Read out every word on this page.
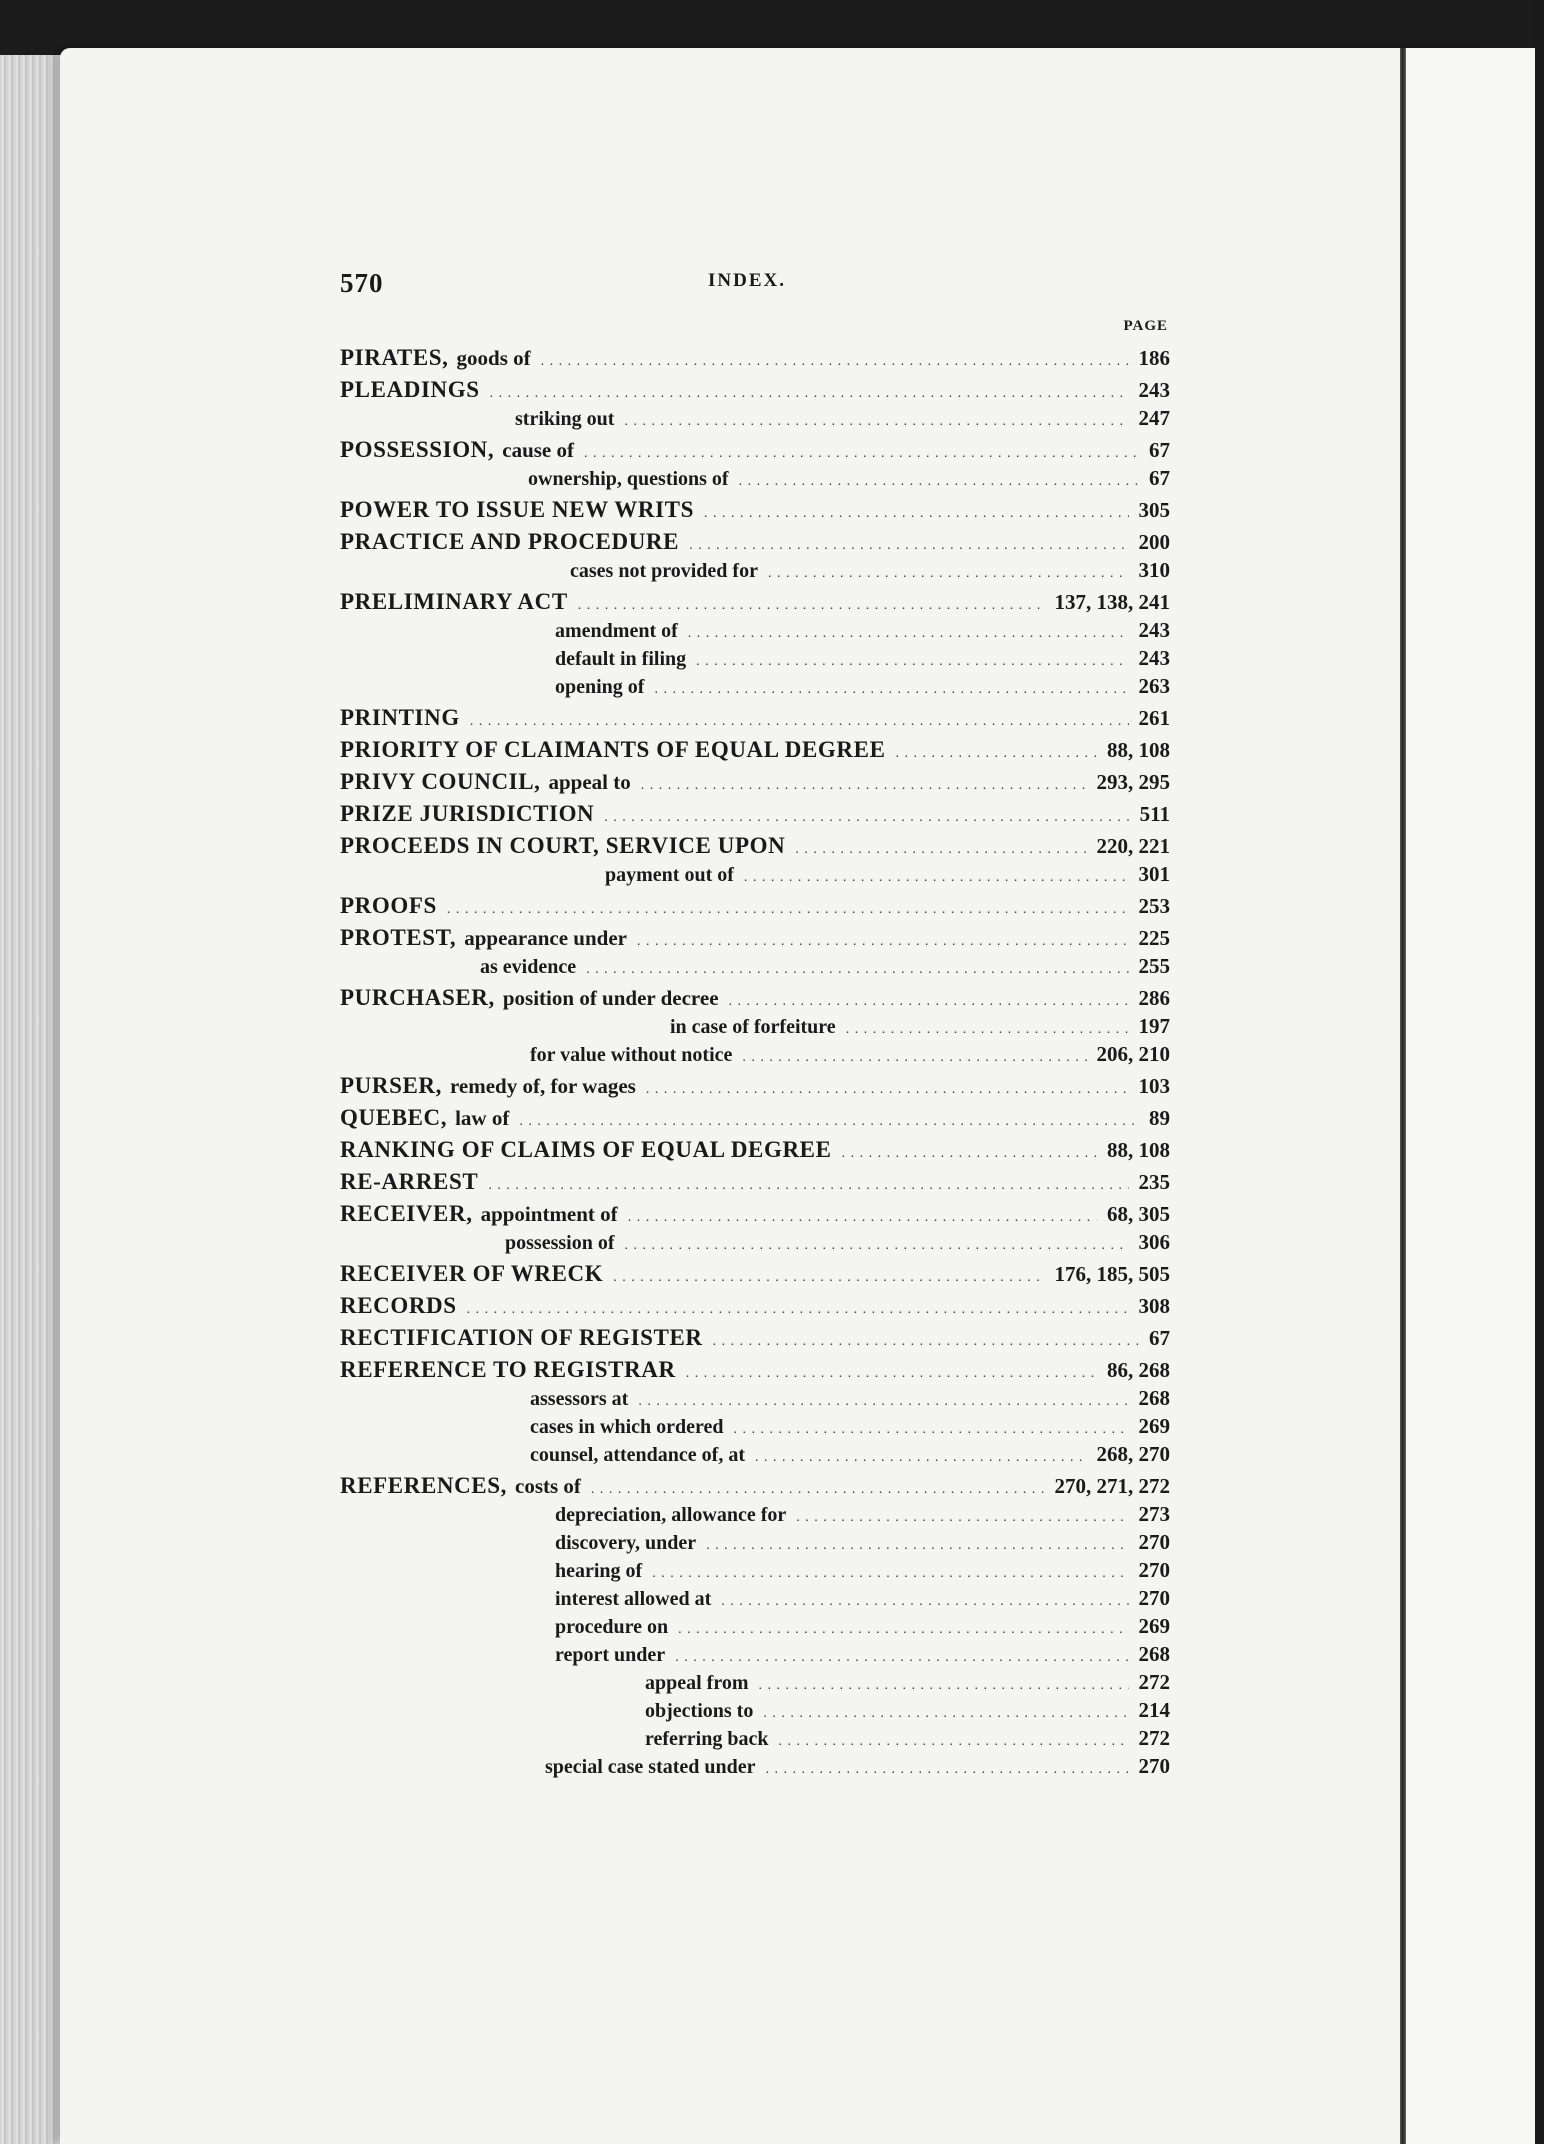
570	INDEX.
PAGE
PIRATES, goods of . . .	186
PLEADINGS . . .	243
striking out . . .	247
POSSESSION, cause of . . .	67
ownership, questions of . . .	67
POWER TO ISSUE NEW WRITS . . .	305
PRACTICE AND PROCEDURE . . .	200
cases not provided for . . .	310
PRELIMINARY ACT . . .	137, 138, 241
amendment of . . .	243
default in filing . . .	243
opening of . . .	263
PRINTING . . .	261
PRIORITY OF CLAIMANTS OF EQUAL DEGREE . . .	88, 108
PRIVY COUNCIL, appeal to . . .	293, 295
PRIZE JURISDICTION . . .	511
PROCEEDS IN COURT, SERVICE UPON . . .	220, 221
payment out of . . .	301
PROOFS . . .	253
PROTEST, appearance under . . .	225
as evidence . . .	255
PURCHASER, position of under decree . . .	286
in case of forfeiture . . .	197
for value without notice . . .	206, 210
PURSER, remedy of, for wages . . .	103
QUEBEC, law of . . .	89
RANKING OF CLAIMS OF EQUAL DEGREE . . .	88, 108
RE-ARREST . . .	235
RECEIVER, appointment of . . .	68, 305
possession of . . .	306
RECEIVER OF WRECK . . .	176, 185, 505
RECORDS . . .	308
RECTIFICATION OF REGISTER . . .	67
REFERENCE TO REGISTRAR . . .	86, 268
assessors at . . .	268
cases in which ordered . . .	269
counsel, attendance of, at . . .	268, 270
REFERENCES, costs of . . .	270, 271, 272
depreciation, allowance for . . .	273
discovery, under . . .	270
hearing of . . .	270
interest allowed at . . .	270
procedure on . . .	269
report under . . .	268
appeal from . . .	272
objections to . . .	214
referring back . . .	272
special case stated under . . .	270
